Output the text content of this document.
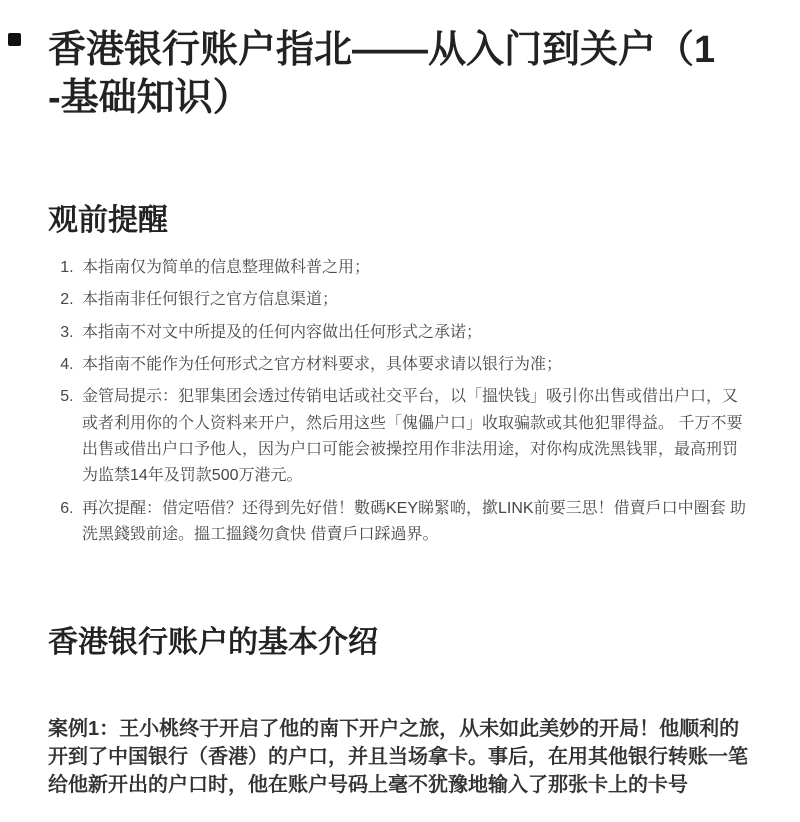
香港银行账户指北——从入门到关户（1-基础知识）
观前提醒
1. 本指南仅为简单的信息整理做科普之用；
2. 本指南非任何银行之官方信息渠道；
3. 本指南不对文中所提及的任何内容做出任何形式之承诺；
4. 本指南不能作为任何形式之官方材料要求，具体要求请以银行为准；
5. 金管局提示：犯罪集团会透过传销电话或社交平台，以「搵快钱」吸引你出售或借出户口，又或者利用你的个人资料来开户，然后用这些「傀儡户口」收取骗款或其他犯罪得益。 千万不要出售或借出户口予他人，因为户口可能会被操控用作非法用途，对你构成洗黑钱罪，最高刑罚为监禁14年及罚款500万港元。
6. 再次提醒：借定唔借？还得到先好借！數碼KEY睇緊啲，撳LINK前要三思！借賣戶口中圈套 助洗黑錢毀前途。搵工搵錢勿貪快 借賣戶口踩過界。
香港银行账户的基本介绍

案例1：王小桃终于开启了他的南下开户之旅，从未如此美妙的开局！他顺利的开到了中国银行（香港）的户口，并且当场拿卡。事后，在用其他银行转账一笔给他新开出的户口时，他在账户号码上毫不犹豫地输入了那张卡上的卡号
